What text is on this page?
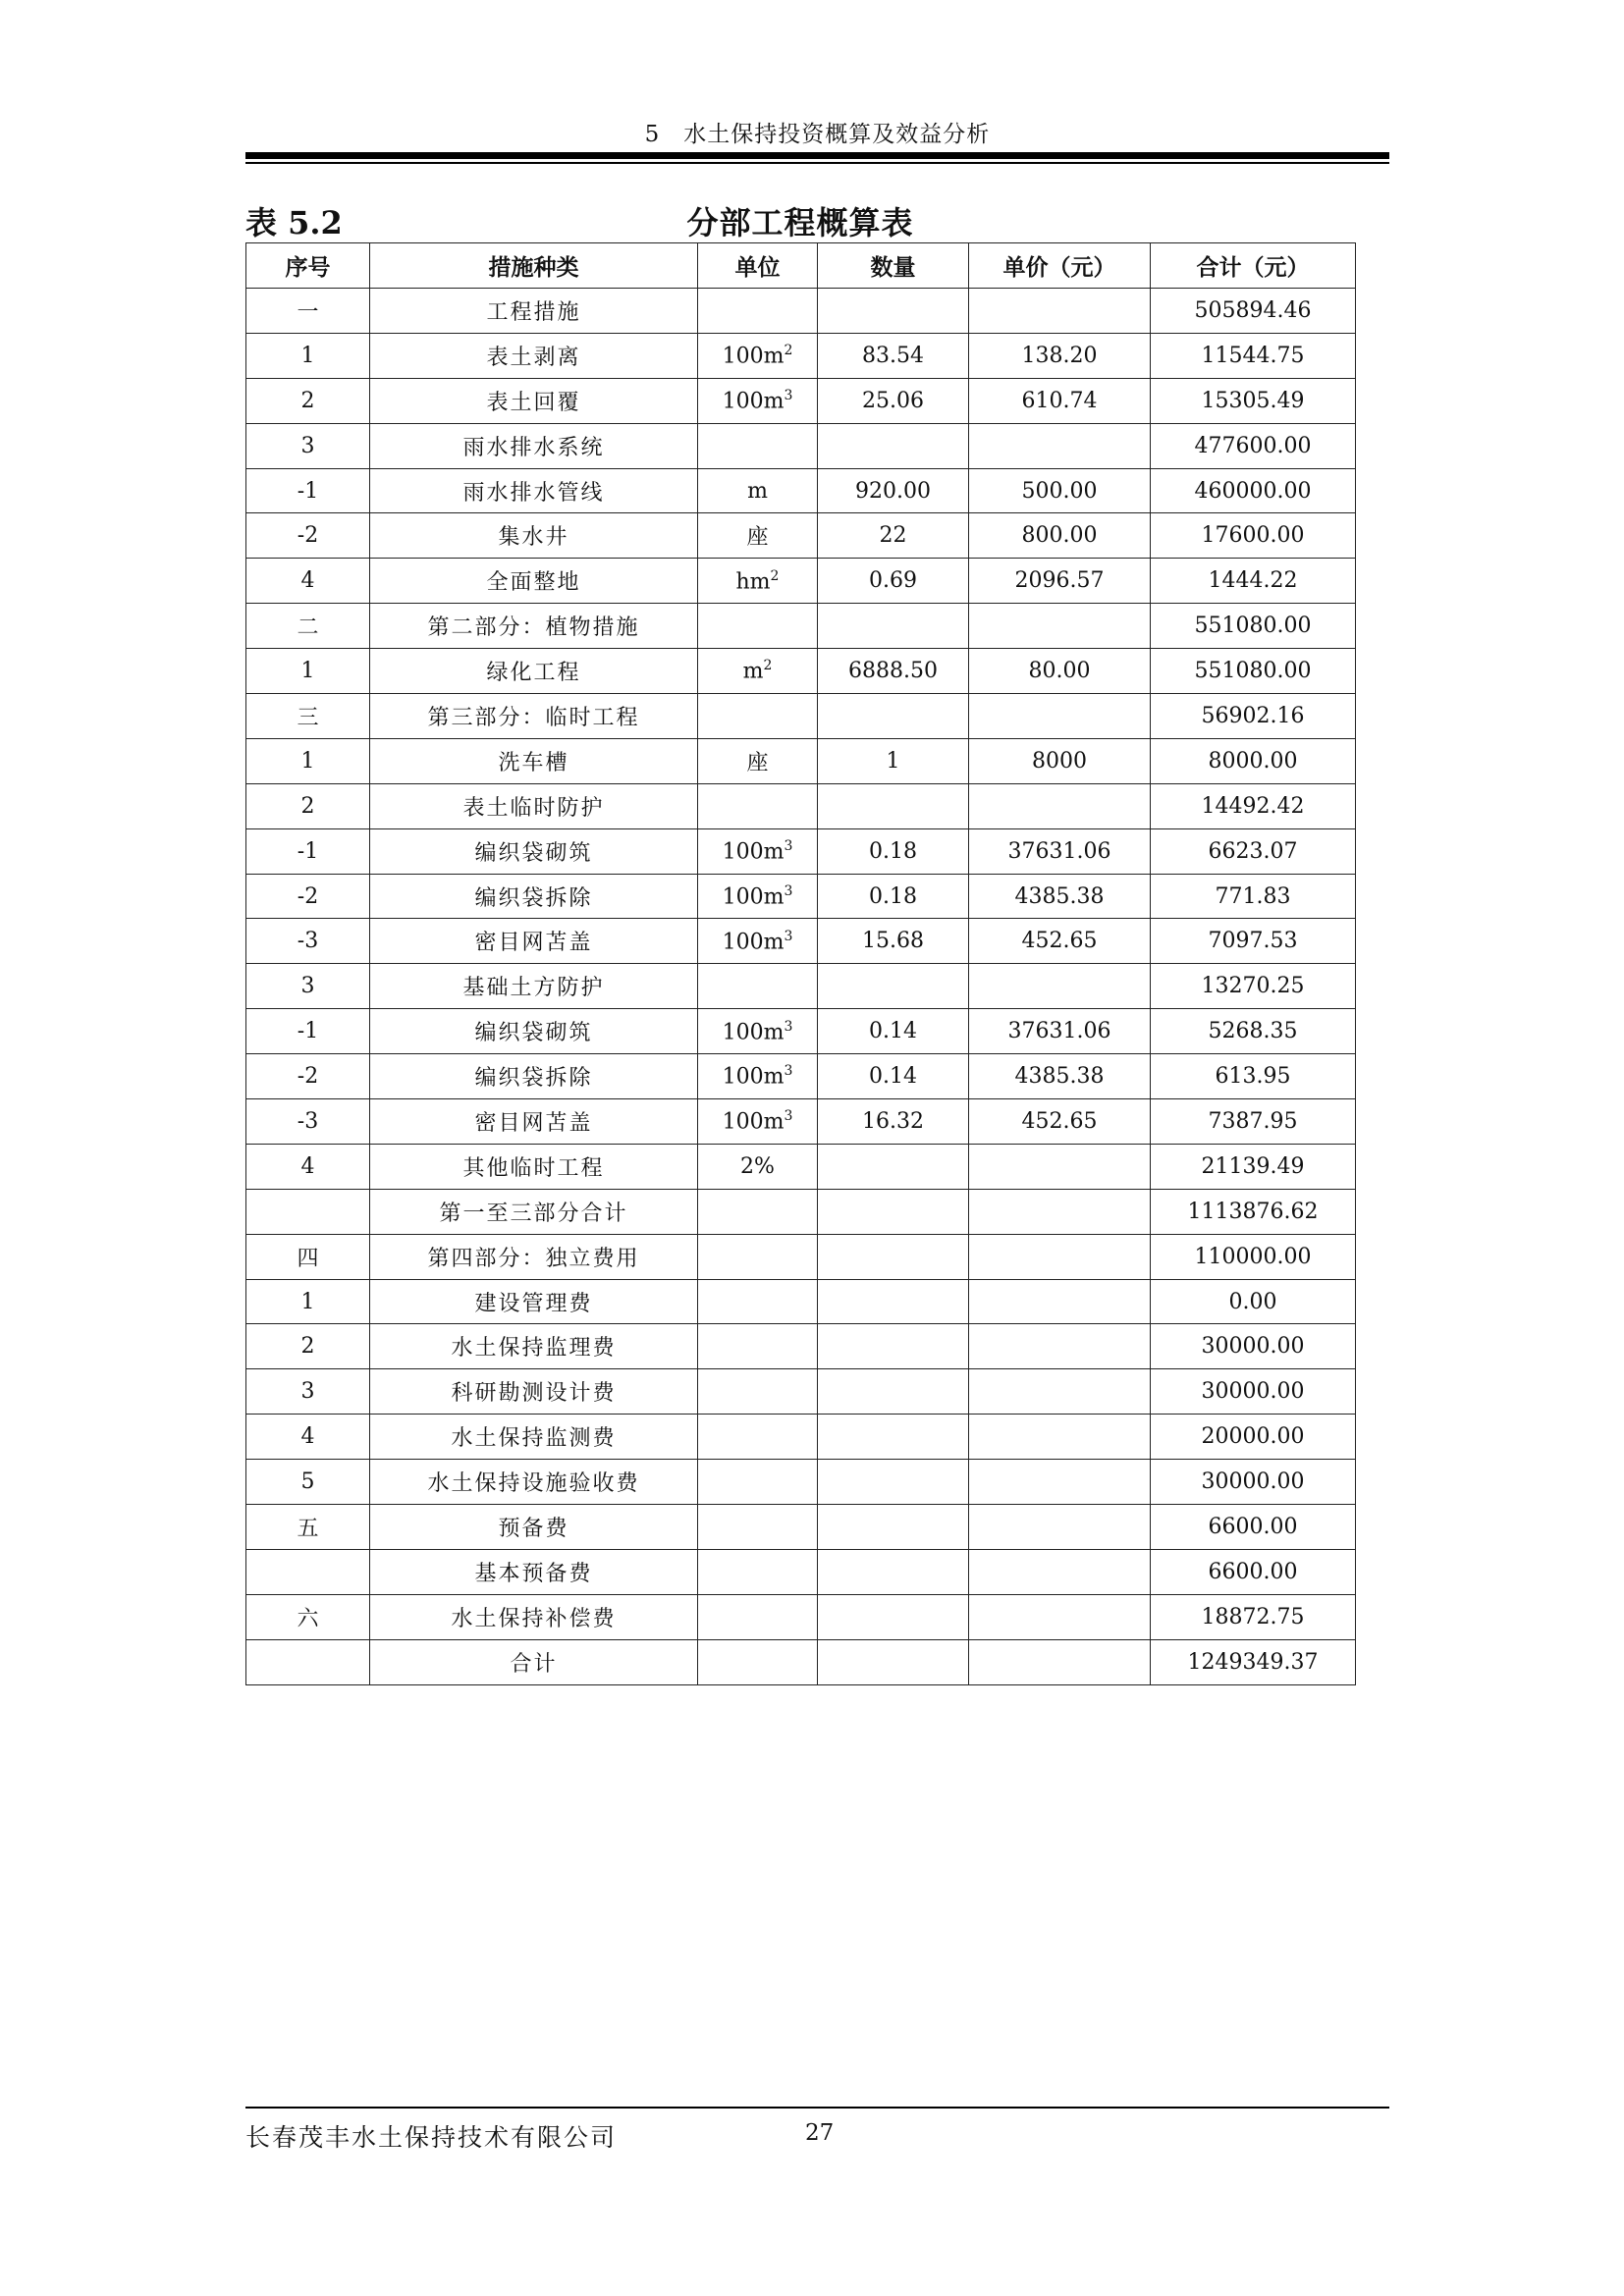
5　水土保持投资概算及效益分析
表 5.2	分部工程概算表
序号	措施种类	单位	数量	单价（元）	合计（元）
一	工程措施				505894.46
1	表土剥离	$100m^2$	83.54	138.20	11544.75
2	表土回覆	$100m^3$	25.06	610.74	15305.49
3	雨水排水系统				477600.00
-1	雨水排水管线	m	920.00	500.00	460000.00
-2	集水井	座	22	800.00	17600.00
4	全面整地	$hm^2$	0.69	2096.57	1444.22
二	第二部分：植物措施				551080.00
1	绿化工程	$m^2$	6888.50	80.00	551080.00
三	第三部分：临时工程				56902.16
1	洗车槽	座	1	8000	8000.00
2	表土临时防护				14492.42
-1	编织袋砌筑	$100m^3$	0.18	37631.06	6623.07
-2	编织袋拆除	$100m^3$	0.18	4385.38	771.83
-3	密目网苫盖	$100m^3$	15.68	452.65	7097.53
3	基础土方防护				13270.25
-1	编织袋砌筑	$100m^3$	0.14	37631.06	5268.35
-2	编织袋拆除	$100m^3$	0.14	4385.38	613.95
-3	密目网苫盖	$100m^3$	16.32	452.65	7387.95
4	其他临时工程	2%			21139.49
	第一至三部分合计				1113876.62
四	第四部分：独立费用				110000.00
1	建设管理费				0.00
2	水土保持监理费				30000.00
3	科研勘测设计费				30000.00
4	水土保持监测费				20000.00
5	水土保持设施验收费				30000.00
五	预备费				6600.00
	基本预备费				6600.00
六	水土保持补偿费				18872.75
	合计				1249349.37
长春茂丰水土保持技术有限公司	27
